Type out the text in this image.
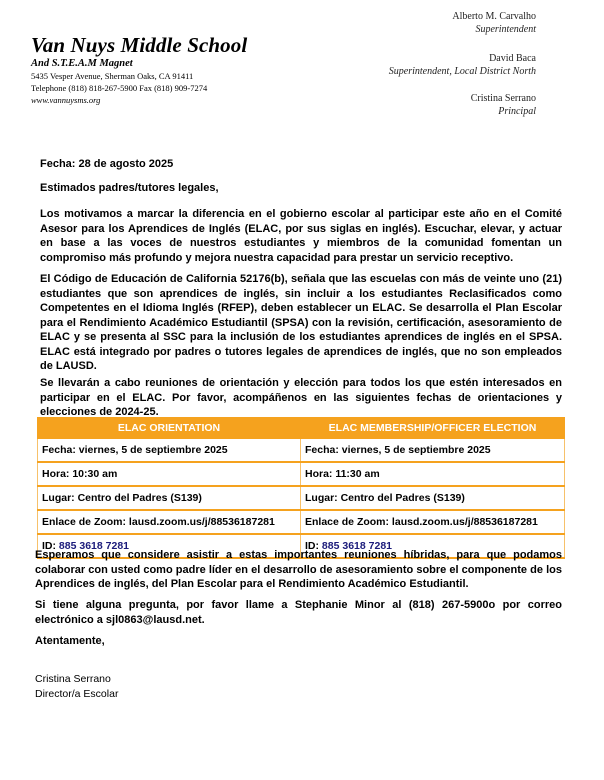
Van Nuys Middle School
And S.T.E.A.M Magnet
5435 Vesper Avenue, Sherman Oaks, CA 91411
Telephone (818) 818-267-5900 Fax (818) 909-7274
www.vannuysms.org
Alberto M. Carvalho
Superintendent
David Baca
Superintendent, Local District North
Cristina Serrano
Principal
Fecha: 28 de agosto 2025
Estimados padres/tutores legales,
Los motivamos a marcar la diferencia en el gobierno escolar al participar este año en el Comité Asesor para los Aprendices de Inglés (ELAC, por sus siglas en inglés). Escuchar, elevar, y actuar en base a las voces de nuestros estudiantes y miembros de la comunidad fomentan un compromiso más profundo y mejora nuestra capacidad para prestar un servicio receptivo.
El Código de Educación de California 52176(b), señala que las escuelas con más de veinte uno (21) estudiantes que son aprendices de inglés, sin incluir a los estudiantes Reclasificados como Competentes en el Idioma Inglés (RFEP), deben establecer un ELAC. Se desarrolla el Plan Escolar para el Rendimiento Académico Estudiantil (SPSA) con la revisión, certificación, asesoramiento de ELAC y se presenta al SSC para la inclusión de los estudiantes aprendices de inglés en el SPSA. ELAC está integrado por padres o tutores legales de aprendices de inglés, que no son empleados de LAUSD.
Se llevarán a cabo reuniones de orientación y elección para todos los que estén interesados en participar en el ELAC. Por favor, acompáñenos en las siguientes fechas de orientaciones y elecciones de 2024-25.
ELAC ORIENTATION	ELAC MEMBERSHIP/OFFICER ELECTION
Fecha: viernes, 5 de septiembre 2025	Fecha: viernes, 5 de septiembre 2025
Hora: 10:30 am	Hora: 11:30 am
Lugar: Centro del Padres (S139)	Lugar: Centro del Padres (S139)
Enlace de Zoom: lausd.zoom.us/j/88536187281	Enlace de Zoom: lausd.zoom.us/j/88536187281
ID: 885 3618 7281	ID: 885 3618 7281
Esperamos que considere asistir a estas importantes reuniones híbridas, para que podamos colaborar con usted como padre líder en el desarrollo de asesoramiento sobre el componente de los Aprendices de inglés, del Plan Escolar para el Rendimiento Académico Estudiantil.
Si tiene alguna pregunta, por favor llame a Stephanie Minor al (818) 267-5900o por correo electrónico a sjl0863@lausd.net.
Atentamente,
Cristina Serrano
Director/a Escolar
